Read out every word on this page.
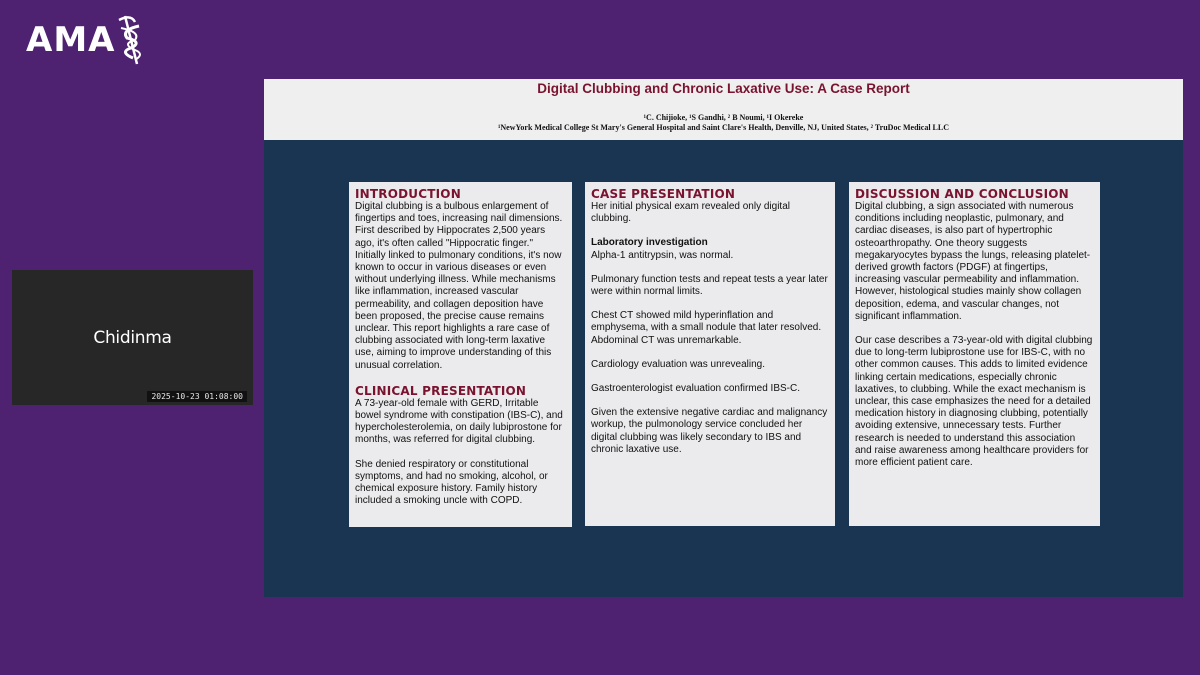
AMA
Chidinma
2025-10-23 01:08:00
Digital Clubbing and Chronic Laxative Use: A Case Report
¹C. Chijioke, ¹S Gandhi, ² B Noumi, ¹I Okereke
¹NewYork Medical College St Mary's General Hospital and Saint Clare's Health, Denville, NJ, United States, ² TruDoc Medical LLC
INTRODUCTION

Digital clubbing is a bulbous enlargement of fingertips and toes, increasing nail dimensions. First described by Hippocrates 2,500 years ago, it's often called "Hippocratic finger." Initially linked to pulmonary conditions, it's now known to occur in various diseases or even without underlying illness. While mechanisms like inflammation, increased vascular permeability, and collagen deposition have been proposed, the precise cause remains unclear. This report highlights a rare case of clubbing associated with long-term laxative use, aiming to improve understanding of this unusual correlation.

CLINICAL PRESENTATION

A 73-year-old female with GERD, Irritable bowel syndrome with constipation (IBS-C), and hypercholesterolemia, on daily lubiprostone for months, was referred for digital clubbing.

She denied respiratory or constitutional symptoms, and had no smoking, alcohol, or chemical exposure history. Family history included a smoking uncle with COPD.

CASE PRESENTATION

Her initial physical exam revealed only digital clubbing.

Laboratory investigation

Alpha-1 antitrypsin, was normal.

Pulmonary function tests and repeat tests a year later were within normal limits.

Chest CT showed mild hyperinflation and emphysema, with a small nodule that later resolved. Abdominal CT was unremarkable.

Cardiology evaluation was unrevealing.

Gastroenterologist evaluation confirmed IBS-C.

Given the extensive negative cardiac and malignancy workup, the pulmonology service concluded her digital clubbing was likely secondary to IBS and chronic laxative use.

DISCUSSION AND CONCLUSION

Digital clubbing, a sign associated with numerous conditions including neoplastic, pulmonary, and cardiac diseases, is also part of hypertrophic osteoarthropathy. One theory suggests megakaryocytes bypass the lungs, releasing platelet-derived growth factors (PDGF) at fingertips, increasing vascular permeability and inflammation. However, histological studies mainly show collagen deposition, edema, and vascular changes, not significant inflammation.

Our case describes a 73-year-old with digital clubbing due to long-term lubiprostone use for IBS-C, with no other common causes. This adds to limited evidence linking certain medications, especially chronic laxatives, to clubbing. While the exact mechanism is unclear, this case emphasizes the need for a detailed medication history in diagnosing clubbing, potentially avoiding extensive, unnecessary tests. Further research is needed to understand this association and raise awareness among healthcare providers for more efficient patient care.
